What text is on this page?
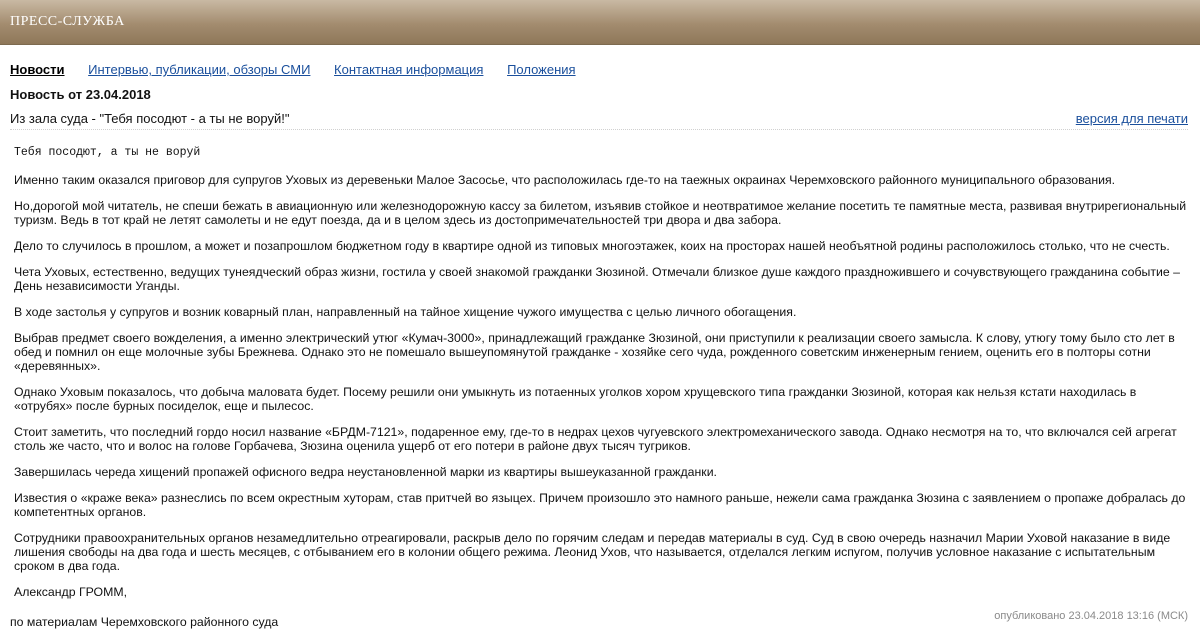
ПРЕСС-СЛУЖБА
Новости Интервью, публикации, обзоры СМИ Контактная информация Положения
Новость от 23.04.2018
Из зала суда - "Тебя посодют - а ты не воруй!"	версия для печати
Тебя посодют, а ты не воруй

Именно таким оказался приговор для супругов Уховых из деревеньки Малое Засосье, что расположилась где-то на таежных окраинах Черемховского районного муниципального образования.

Но,дорогой мой читатель, не спеши бежать в авиационную или железнодорожную кассу за билетом, изъявив стойкое и неотвратимое желание посетить те памятные места, развивая внутрирегиональный туризм. Ведь в тот край не летят самолеты и не едут поезда, да и в целом здесь из достопримечательностей три двора и два забора.

Дело то случилось в прошлом, а может и позапрошлом бюджетном году в квартире одной из типовых многоэтажек, коих на просторах нашей необъятной родины расположилось столько, что не счесть.

Чета Уховых, естественно, ведущих тунеядческий образ жизни, гостила у своей знакомой гражданки Зюзиной. Отмечали близкое душе каждого празднoжившего и сочувствующего гражданина событие – День независимости Уганды.

В ходе застолья у супругов и возник коварный план, направленный на тайное хищение чужого имущества с целью личного обогащения.

Выбрав предмет своего вожделения, а именно электрический утюг «Кумач-3000», принадлежащий гражданке Зюзиной, они приступили к реализации своего замысла. К слову, утюгу тому было сто лет в обед и помнил он еще молочные зубы Брежнева. Однако это не помешало вышеупомянутой гражданке - хозяйке сего чуда, рожденного советским инженерным гением, оценить его в полторы сотни «деревянных».

Однако Уховым показалось, что добыча маловата будет. Посему решили они умыкнуть из потаенных уголков хором хрущевского типа гражданки Зюзиной, которая как нельзя кстати находилась в «отрубях» после бурных посиделок, еще и пылесос.

Стоит заметить, что последний гордо носил название «БРДМ-7121», подаренное ему, где-то в недрах цехов чугуевского электромеханического завода. Однако несмотря на то, что включался сей агрегат столь же часто, что и волос на голове Горбачева, Зюзина оценила ущерб от его потери в районе двух тысяч тугриков.

Завершилась череда хищений пропажей офисного ведра неустановленной марки из квартиры вышеуказанной гражданки.

Известия о «краже века» разнеслись по всем окрестным хуторам, став притчей во языцех. Причем произошло это намного раньше, нежели сама гражданка Зюзина с заявлением о пропаже добралась до компетентных органов.

Сотрудники правоохранительных органов незамедлительно отреагировали, раскрыв дело по горячим следам и передав материалы в суд. Суд в свою очередь назначил Марии Уховой наказание в виде лишения свободы на два года и шесть месяцев, с отбыванием его в колонии общего режима. Леонид Ухов, что называется, отделался легким испугом, получив условное наказание с испытательным сроком в два года.

Александр ГРОММ,
по материалам Черемховского районного суда	опубликовано 23.04.2018 13:16 (МСК)
